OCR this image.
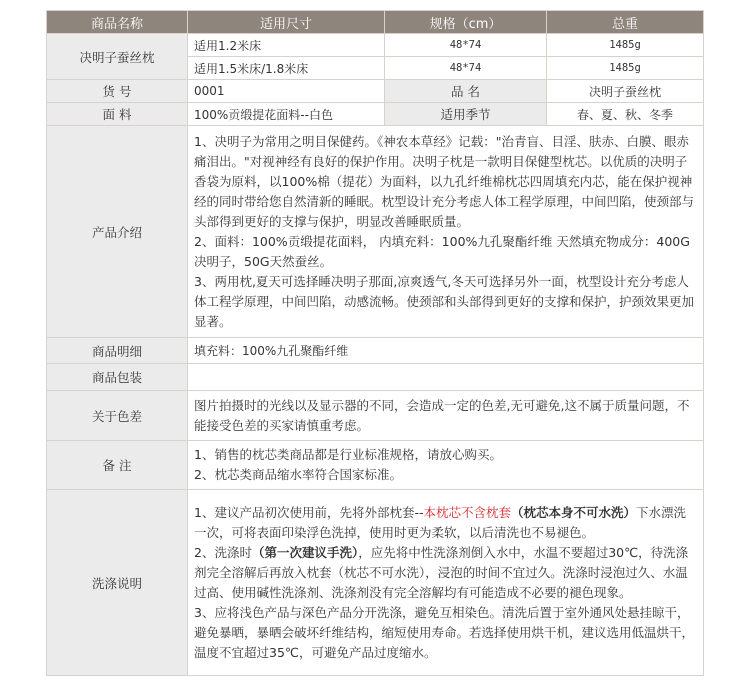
商品名称	适用尺寸	规格（cm）	总重
决明子蚕丝枕	适用1.2米床	48*74	1485g
	适用1.5米床/1.8米床	48*74	1485g
货 号	0001	品 名	决明子蚕丝枕
面 料	100%贡缎提花面料--白色	适用季节	春、夏、秋、冬季
产品介绍	1、决明子为常用之明目保健药。《神农本草经》记载："治青盲、目淫、肤赤、白膜、眼赤痛泪出。"对视神经有良好的保护作用。决明子枕是一款明目保健型枕芯。以优质的决明子香袋为原料，以100%棉（提花）为面料，以九孔纤维棉枕芯四周填充内芯，能在保护视神经的同时带给您自然清新的睡眠。枕型设计充分考虑人体工程学原理，中间凹陷，使颈部与头部得到更好的支撑与保护，明显改善睡眠质量。
2、面料：100%贡缎提花面料， 内填充料：100%九孔聚酯纤维 天然填充物成分：400G决明子，50G天然蚕丝。
3、两用枕,夏天可选择睡决明子那面,凉爽透气,冬天可选择另外一面，枕型设计充分考虑人体工程学原理，中间凹陷，动感流畅。使颈部和头部得到更好的支撑和保护，护颈效果更加显著。		

商品明细	填充料：100%九孔聚酯纤维		
商品包装			
关于色差	图片拍摄时的光线以及显示器的不同，会造成一定的色差,无可避免,这不属于质量问题，不能接受色差的买家请慎重考虑。		
备 注	1、销售的枕芯类商品都是行业标准规格，请放心购买。
2、枕芯类商品缩水率符合国家标准。		

洗涤说明	1、建议产品初次使用前，先将外部枕套--本枕芯不含枕套（枕芯本身不可水洗）下水漂洗一次，可将表面印染浮色洗掉，使用时更为柔软，以后清洗也不易褪色。
2、洗涤时（第一次建议手洗），应先将中性洗涤剂倒入水中，水温不要超过30℃，待洗涤剂完全溶解后再放入枕套（枕芯不可水洗），浸泡的时间不宜过久。洗涤时浸泡过久、水温过高、使用碱性洗涤剂、洗涤剂没有完全溶解均有可能造成不必要的褪色现象。
3、应将浅色产品与深色产品分开洗涤，避免互相染色。清洗后置于室外通风处悬挂晾干，避免暴晒，暴晒会破坏纤维结构，缩短使用寿命。若选择使用烘干机，建议选用低温烘干，温度不宜超过35℃，可避免产品过度缩水。		
